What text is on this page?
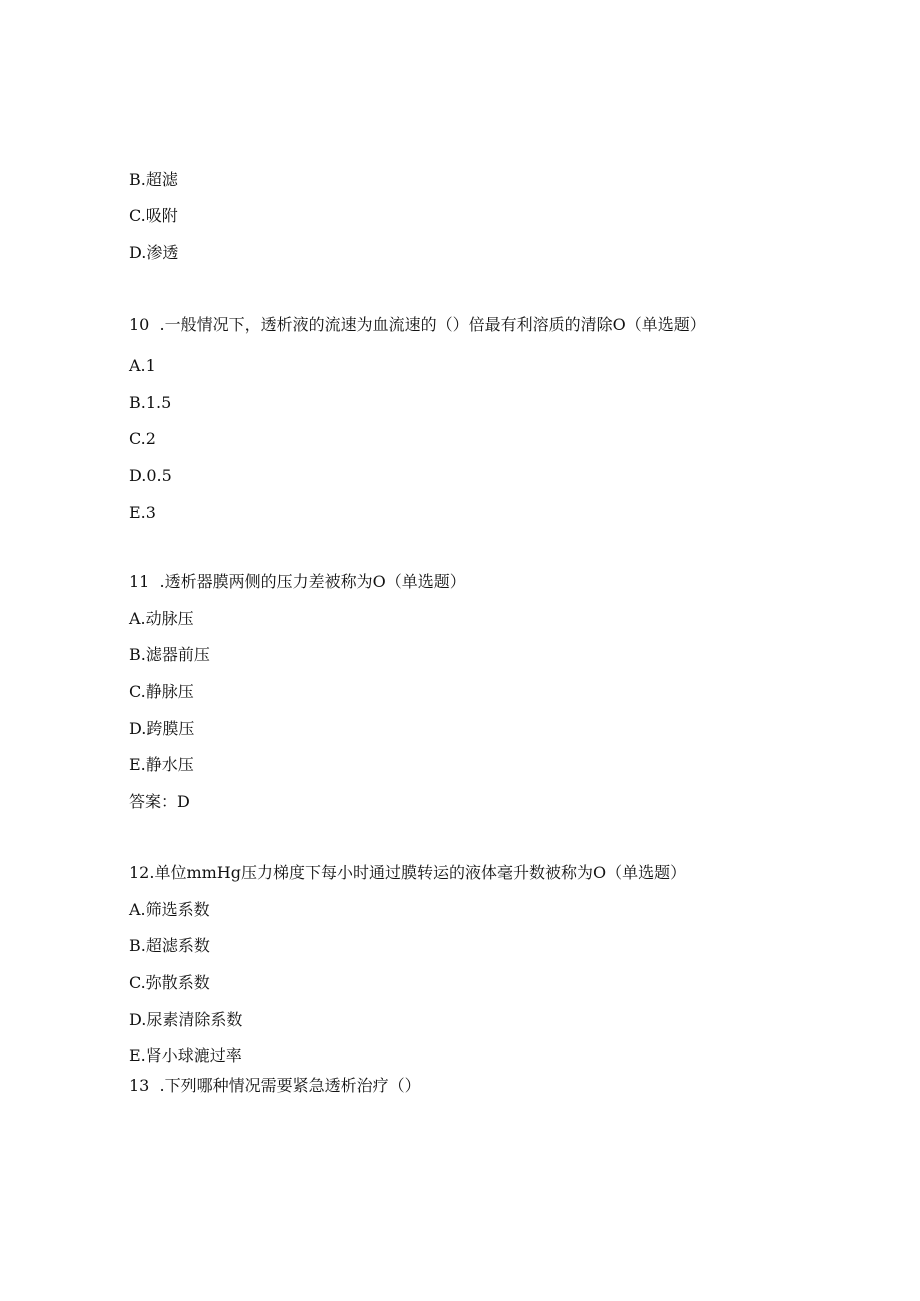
B.超滤
C.吸附
D.渗透
10  .一般情况下，透析液的流速为血流速的（）倍最有利溶质的清除O（单选题）
A.1
B.1.5
C.2
D.0.5
E.3
11  .透析器膜两侧的压力差被称为O（单选题）
A.动脉压
B.滤器前压
C.静脉压
D.跨膜压
E.静水压
答案：D
12.单位mmHg压力梯度下每小时通过膜转运的液体毫升数被称为O（单选题）
A.筛选系数
B.超滤系数
C.弥散系数
D.尿素清除系数
E.肾小球漉过率
13  .下列哪种情况需要紧急透析治疗（）
